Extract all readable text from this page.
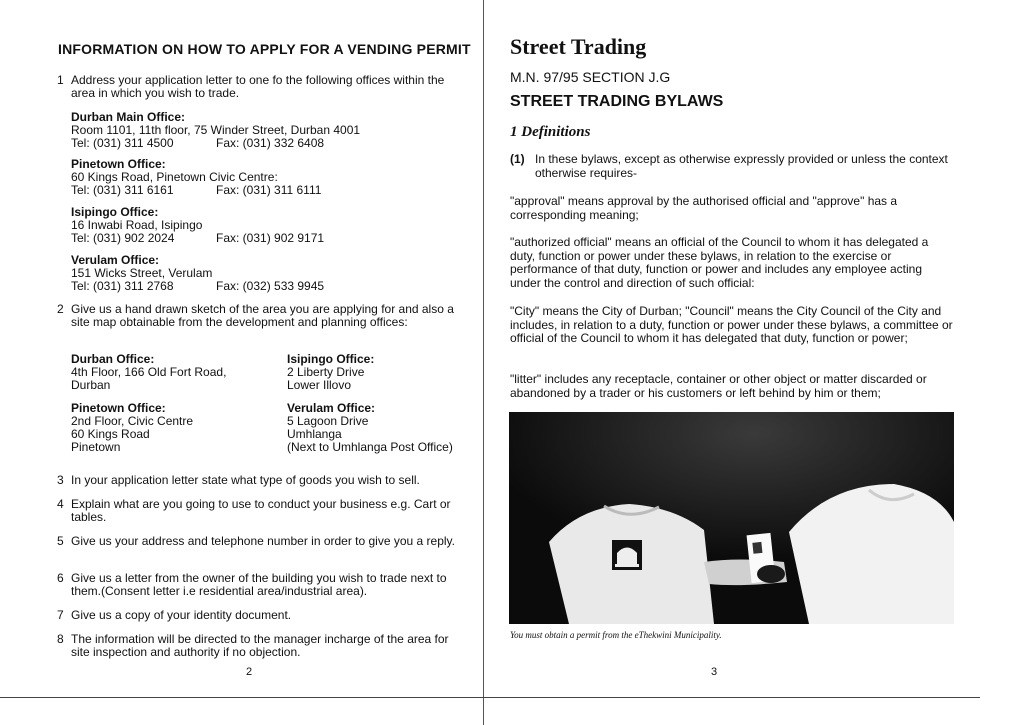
INFORMATION ON HOW TO APPLY FOR A VENDING PERMIT
1 Address your application letter to one fo the following offices within the area in which you wish to trade.
Durban Main Office:
Room 1101, 11th floor, 75 Winder Street, Durban 4001
Tel: (031) 311 4500	Fax: (031) 332 6408
Pinetown Office:
60 Kings Road, Pinetown Civic Centre:
Tel: (031) 311 6161	Fax: (031) 311 6111
Isipingo Office:
16 Inwabi Road, Isipingo
Tel: (031) 902 2024	Fax: (031) 902 9171
Verulam Office:
151 Wicks Street, Verulam
Tel: (031) 311 2768	Fax: (032) 533 9945
2 Give us a hand drawn sketch of the area you are applying for and also a site map obtainable from the development and planning offices:
Durban Office:
4th Floor, 166 Old Fort Road,
Durban
Isipingo Office:
2 Liberty Drive
Lower Illovo
Pinetown Office:
2nd Floor, Civic Centre
60 Kings Road
Pinetown
Verulam Office:
5 Lagoon Drive
Umhlanga
(Next to Umhlanga Post Office)
3 In your application letter state what type of goods you wish to sell.
4 Explain what are you going to use to conduct your business e.g. Cart or tables.
5 Give us your address and telephone number in order to give you a reply.
6 Give us a letter from the owner of the building you wish to trade next to them.(Consent letter i.e residential area/industrial area).
7 Give us a copy of your identity document.
8 The information will be directed to the manager incharge of the area for site inspection and authority if no objection.
2
Street Trading
M.N. 97/95 SECTION J.G
STREET TRADING BYLAWS
1 Definitions
(1) In these bylaws, except as otherwise expressly provided or unless the context otherwise requires-
"approval" means approval by the authorised official and "approve" has a corresponding meaning;
"authorized official" means an official of the Council to whom it has delegated a duty, function or power under these bylaws, in relation to the exercise or performance of that duty, function or power and includes any employee acting under the control and direction of such official:
"City" means the City of Durban; "Council" means the City Council of the City and includes, in relation to a duty, function or power under these bylaws, a committee or official of the Council to whom it has delegated that duty, function or power;
"litter" includes any receptacle, container or other object or matter discarded or abandoned by a trader or his customers or left behind by him or them;
You must obtain a permit from the eThekwini Municipality.
3
